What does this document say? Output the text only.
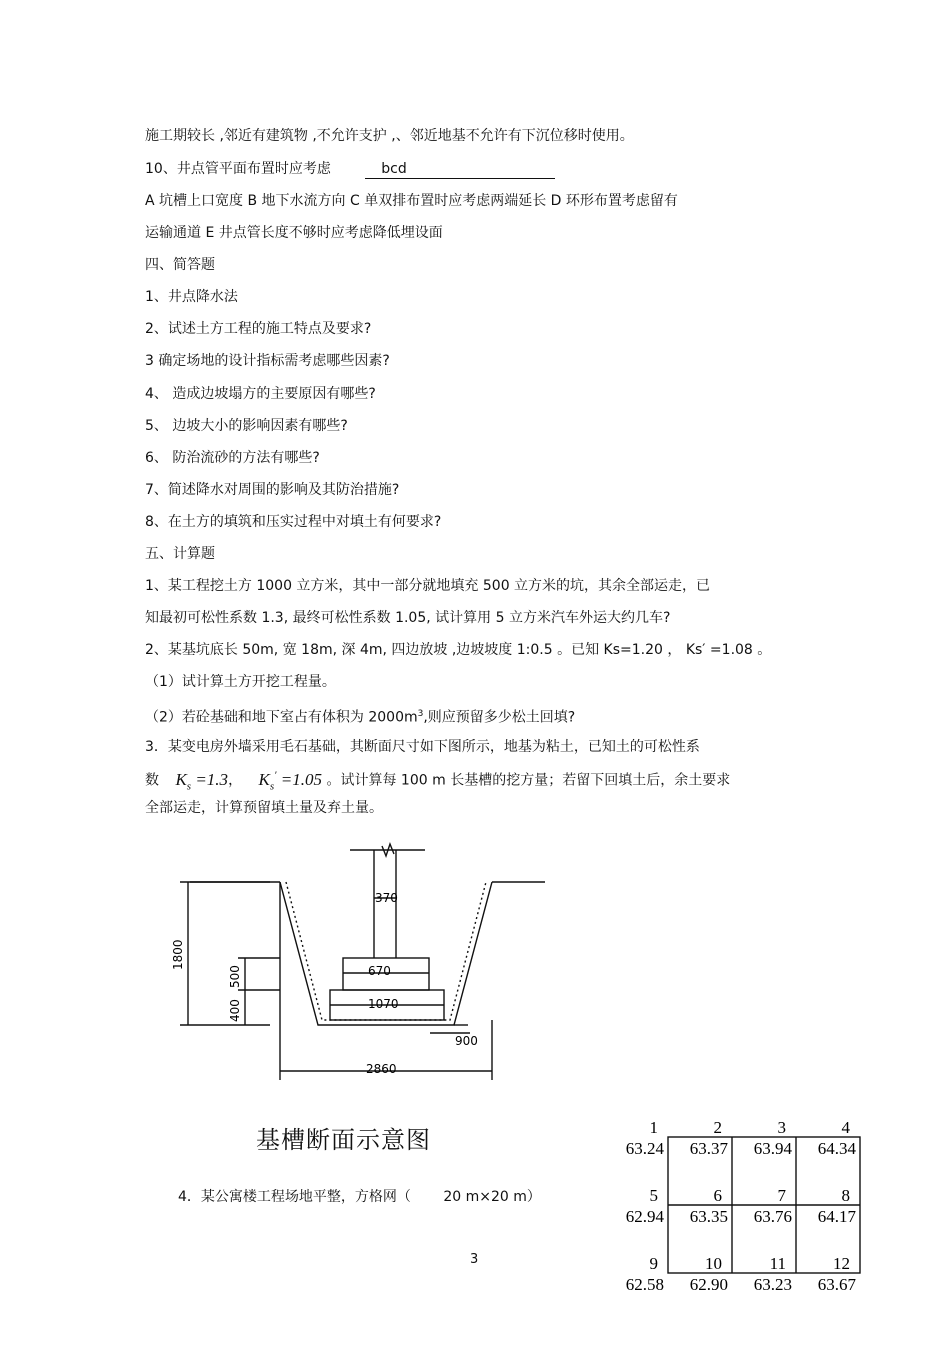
施工期较长 ,邻近有建筑物 ,不允许支护 ,、邻近地基不允许有下沉位移时使用。
10、井点管平面布置时应考虑	bcd
A 坑槽上口宽度 B 地下水流方向 C 单双排布置时应考虑两端延长 D 环形布置考虑留有
运输通道 E 井点管长度不够时应考虑降低埋设面
四、简答题
1、井点降水法
2、试述土方工程的施工特点及要求?
3 确定场地的设计指标需考虑哪些因素?
4、 造成边坡塌方的主要原因有哪些?
5、 边坡大小的影响因素有哪些?
6、 防治流砂的方法有哪些?
7、简述降水对周围的影响及其防治措施?
8、在土方的填筑和压实过程中对填土有何要求?
五、计算题
1、某工程挖土方 1000 立方米，其中一部分就地填充 500 立方米的坑，其余全部运走，已
知最初可松性系数 1.3, 最终可松性系数 1.05, 试计算用 5 立方米汽车外运大约几车?
2、某基坑底长 50m, 宽 18m, 深 4m, 四边放坡 ,边坡坡度 1:0.5 。已知 Ks=1.20 ， Ks′ =1.08 。
（1）试计算土方开挖工程量。
（2）若砼基础和地下室占有体积为 $2000m^3$,则应预留多少松土回填?
3．某变电房外墙采用毛石基础，其断面尺寸如下图所示，地基为粘土，已知土的可松性系
数 $K_s =1.3$， $K_s' =1.05$ 。试计算每 100 m 长基槽的挖方量；若留下回填土后，余土要求
全部运走，计算预留填土量及弃土量。
370
670
1070
2860
900
1800
500
400
基槽断面示意图
4．某公寓楼工程场地平整，方格网（ 20 m×20 m）
1
63.24
2
63.37
3
63.94
4
64.34
5
62.94
6
63.35
7
63.76
8
64.17
9
62.58
10
62.90
11
63.23
12
63.67
3
